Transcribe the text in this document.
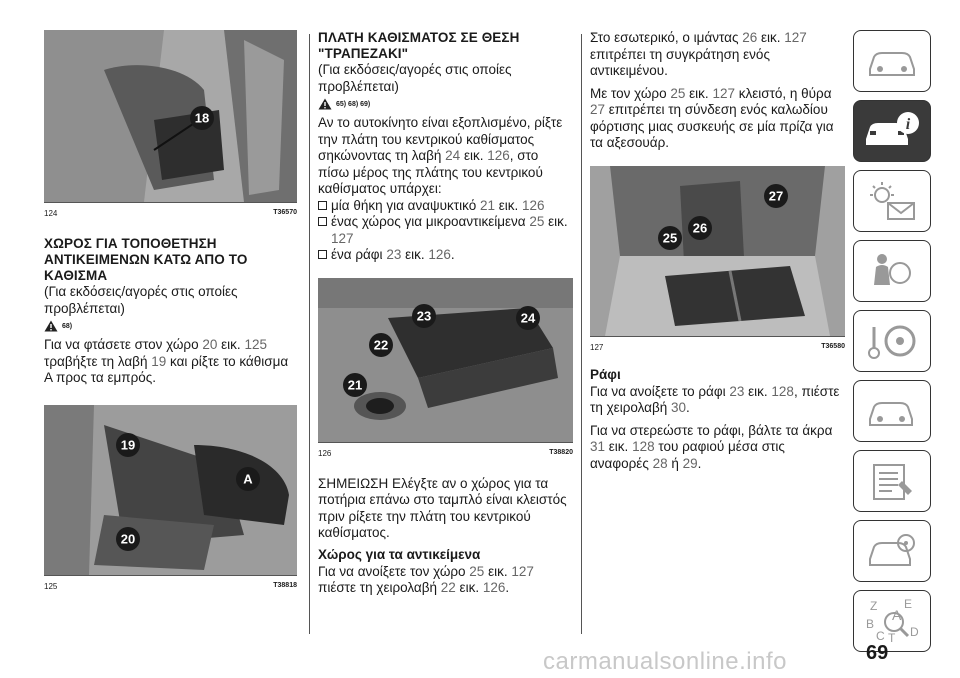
18
124	T36570
ΧΩΡΟΣ ΓΙΑ ΤΟΠΟΘΕΤΗΣΗ ΑΝΤΙΚΕΙΜΕΝΩΝ ΚΑΤΩ ΑΠΟ ΤΟ ΚΑΘΙΣΜΑ

(Για εκδόσεις/αγορές στις οποίες προβλέπεται)

68)

Για να φτάσετε στον χώρο 20 εικ. 125 τραβήξτε τη λαβή 19 και ρίξτε το κάθισμα A προς τα εμπρός.

19
A
20
125	T38818
ΠΛΑΤΗ ΚΑΘΙΣΜΑΤΟΣ ΣΕ ΘΕΣΗ "ΤΡΑΠΕΖΑΚΙ"

(Για εκδόσεις/αγορές στις οποίες προβλέπεται)

65) 68) 69)

Αν το αυτοκίνητο είναι εξοπλισμένο, ρίξτε την πλάτη του κεντρικού καθίσματος σηκώνοντας τη λαβή 24 εικ. 126, στο πίσω μέρος της πλάτης του κεντρικού καθίσματος υπάρχει:

μία θήκη για αναψυκτικό 21 εικ. 126
ένας χώρος για μικροαντικείμενα 25 εικ. 127
ένα ράφι 23 εικ. 126.
21
22
23	24
126	T38820

ΣΗΜΕΙΩΣΗ Ελέγξτε αν ο χώρος για τα ποτήρια επάνω στο ταμπλό είναι κλειστός πριν ρίξετε την πλάτη του κεντρικού καθίσματος.

Χώρος για τα αντικείμενα

Για να ανοίξετε τον χώρο 25 εικ. 127 πιέστε τη χειρολαβή 22 εικ. 126.

Στο εσωτερικό, ο ιμάντας 26 εικ. 127 επιτρέπει τη συγκράτηση ενός αντικειμένου.

Με τον χώρο 25 εικ. 127 κλειστό, η θύρα 27 επιτρέπει τη σύνδεση ενός καλωδίου φόρτισης μιας συσκευής σε μία πρίζα για τα αξεσουάρ.

25
26
27
127	T36580
Ράφι

Για να ανοίξετε το ράφι 23 εικ. 128, πιέστε τη χειρολαβή 30.

Για να στερεώστε το ράφι, βάλτε τα άκρα 31 εικ. 128 του ραφιού μέσα στις αναφορές 28 ή 29.

i
Z E
B
C T D
A
69
carmanualsonline.info
